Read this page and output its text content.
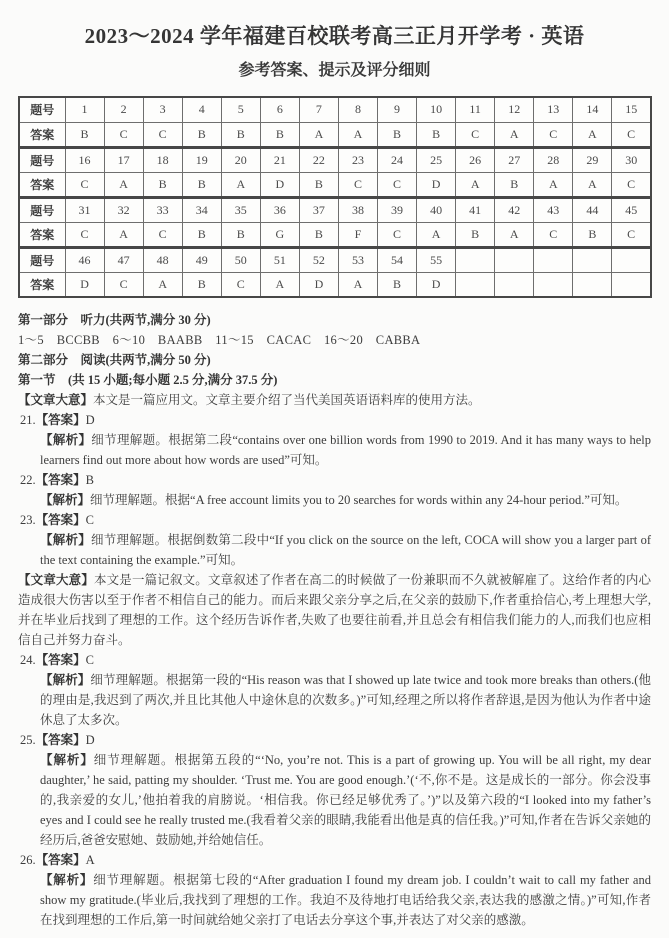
2023～2024 学年福建百校联考高三正月开学考 · 英语
参考答案、提示及评分细则
题号	1	2	3	4	5	6	7	8	9	10	11	12	13	14	15
答案	B	C	C	B	B	B	A	A	B	B	C	A	C	A	C
题号	16	17	18	19	20	21	22	23	24	25	26	27	28	29	30
答案	C	A	B	B	A	D	B	C	C	D	A	B	A	A	C
题号	31	32	33	34	35	36	37	38	39	40	41	42	43	44	45
答案	C	A	C	B	B	G	B	F	C	A	B	A	C	B	C
题号	46	47	48	49	50	51	52	53	54	55					
答案	D	C	A	B	C	A	D	A	B	D					

第一部分　听力(共两节,满分 30 分)

1～5　BCCBB　6～10　BAABB　11～15　CACAC　16～20　CABBA

第二部分　阅读(共两节,满分 50 分)

第一节　(共 15 小题;每小题 2.5 分,满分 37.5 分)

【文章大意】本文是一篇应用文。文章主要介绍了当代美国英语语料库的使用方法。

21.【答案】D

【解析】细节理解题。根据第二段“contains over one billion words from 1990 to 2019. And it has many ways to help learners find out more about how words are used”可知。

22.【答案】B

【解析】细节理解题。根据“A free account limits you to 20 searches for words within any 24-hour period.”可知。

23.【答案】C

【解析】细节理解题。根据倒数第二段中“If you click on the source on the left, COCA will show you a larger part of the text containing the example.”可知。

【文章大意】本文是一篇记叙文。文章叙述了作者在高二的时候做了一份兼职而不久就被解雇了。这给作者的内心造成很大伤害以至于作者不相信自己的能力。而后来跟父亲分享之后,在父亲的鼓励下,作者重拾信心,考上理想大学,并在毕业后找到了理想的工作。这个经历告诉作者,失败了也要往前看,并且总会有相信我们能力的人,而我们也应相信自己并努力奋斗。

24.【答案】C

【解析】细节理解题。根据第一段的“His reason was that I showed up late twice and took more breaks than others.(他的理由是,我迟到了两次,并且比其他人中途休息的次数多。)”可知,经理之所以将作者辞退,是因为他认为作者中途休息了太多次。

25.【答案】D

【解析】细节理解题。根据第五段的“‘No, you’re not. This is a part of growing up. You will be all right, my dear daughter,’ he said, patting my shoulder. ‘Trust me. You are good enough.’(‘不,你不是。这是成长的一部分。你会没事的,我亲爱的女儿,’他拍着我的肩膀说。‘相信我。你已经足够优秀了。’)”以及第六段的“I looked into my father’s eyes and I could see he really trusted me.(我看着父亲的眼睛,我能看出他是真的信任我。)”可知,作者在告诉父亲她的经历后,爸爸安慰她、鼓励她,并给她信任。

26.【答案】A

【解析】细节理解题。根据第七段的“After graduation I found my dream job. I couldn’t wait to call my father and show my gratitude.(毕业后,我找到了理想的工作。我迫不及待地打电话给我父亲,表达我的感激之情。)”可知,作者在找到理想的工作后,第一时间就给她父亲打了电话去分享这个事,并表达了对父亲的感激。
